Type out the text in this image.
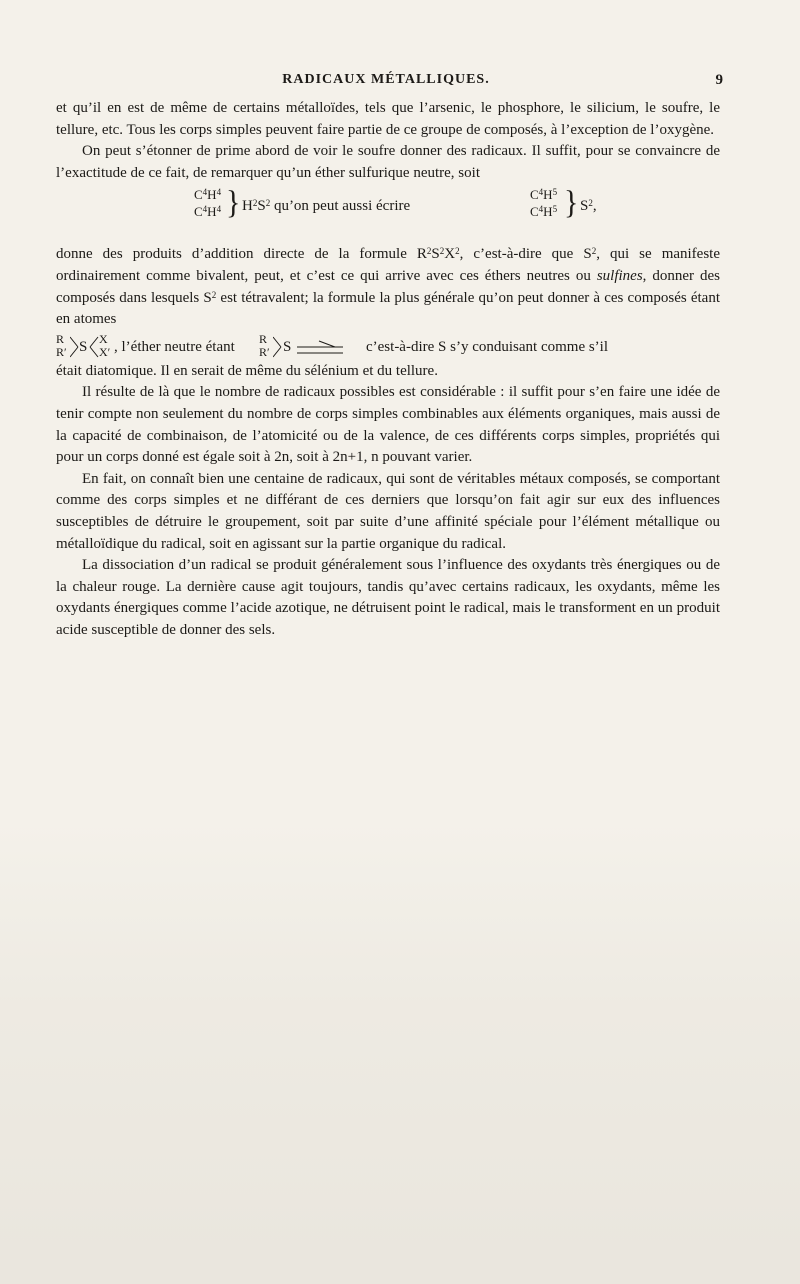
RADICAUX MÉTALLIQUES.	9

et qu’il en est de même de certains métalloïdes, tels que l’arsenic, le phosphore, le silicium, le soufre, le tellure, etc. Tous les corps simples peuvent faire partie de ce groupe de composés, à l’exception de l’oxygène.

On peut s’étonner de prime abord de voir le soufre donner des radicaux. Il suffit, pour se convaincre de l’exactitude de ce fait, de remarquer qu’un éther sulfurique neutre, soit

$C^4H^4$
$C^4H^4$ } $H^2S^2$ qu’on peut aussi écrire
$C^4H^5$
$C^4H^5$ } $S^2$,

donne des produits d’addition directe de la formule $R^2S^2X^2$, c’est-à-dire que $S^2$, qui se manifeste ordinairement comme bivalent, peut, et c’est ce qui arrive avec ces éthers neutres ou sulfines, donner des composés dans lesquels $S^2$ est tétravalent; la formule la plus générale qu’on peut donner à ces composés étant en atomes

R
R′ S X
X′ , l’éther neutre étant R
R′ S	c’est-à-dire S s’y conduisant comme s’il

était diatomique. Il en serait de même du sélénium et du tellure.

Il résulte de là que le nombre de radicaux possibles est considérable : il suffit pour s’en faire une idée de tenir compte non seulement du nombre de corps simples combinables aux éléments organiques, mais aussi de la capacité de combinaison, de l’atomicité ou de la valence, de ces différents corps simples, propriétés qui pour un corps donné est égale soit à 2n, soit à 2n+1, n pouvant varier.

En fait, on connaît bien une centaine de radicaux, qui sont de véritables métaux composés, se comportant comme des corps simples et ne différant de ces derniers que lorsqu’on fait agir sur eux des influences susceptibles de détruire le groupement, soit par suite d’une affinité spéciale pour l’élément métallique ou métalloïdique du radical, soit en agissant sur la partie organique du radical.

La dissociation d’un radical se produit généralement sous l’influence des oxydants très énergiques ou de la chaleur rouge. La dernière cause agit toujours, tandis qu’avec certains radicaux, les oxydants, même les oxydants énergiques comme l’acide azotique, ne détruisent point le radical, mais le transforment en un produit acide susceptible de donner des sels.
